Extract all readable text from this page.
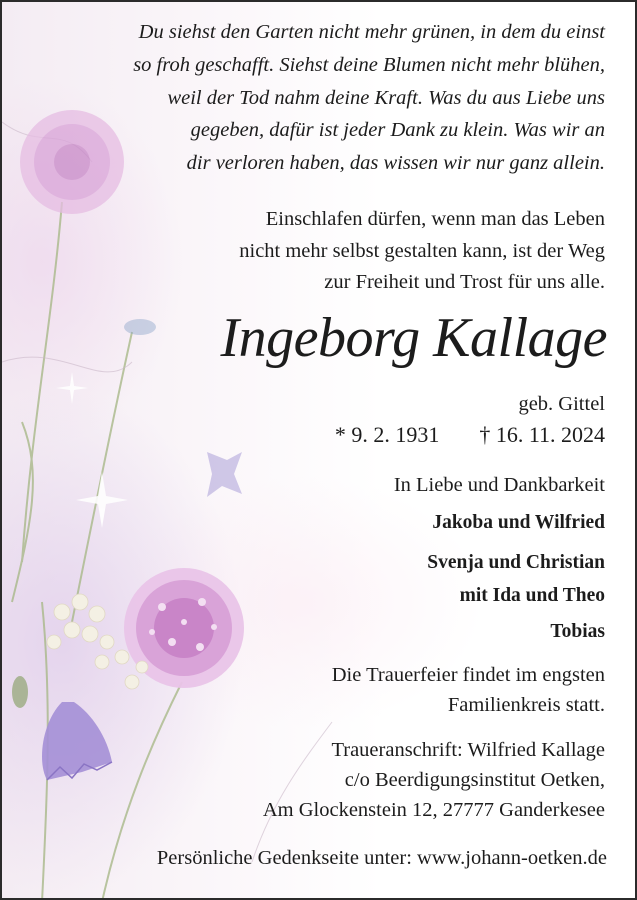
Du siehst den Garten nicht mehr grünen, in dem du einst
so froh geschafft. Siehst deine Blumen nicht mehr blühen,
weil der Tod nahm deine Kraft. Was du aus Liebe uns
gegeben, dafür ist jeder Dank zu klein. Was wir an
dir verloren haben, das wissen wir nur ganz allein.
Einschlafen dürfen, wenn man das Leben
nicht mehr selbst gestalten kann, ist der Weg
zur Freiheit und Trost für uns alle.
Ingeborg Kallage
geb. Gittel
* 9. 2. 1931 † 16. 11. 2024
In Liebe und Dankbarkeit
Jakoba und Wilfried
Svenja und Christian
mit Ida und Theo
Tobias
Die Trauerfeier findet im engsten
Familienkreis statt.
Traueranschrift: Wilfried Kallage
c/o Beerdigungsinstitut Oetken,
Am Glockenstein 12, 27777 Ganderkesee
Persönliche Gedenkseite unter: www.johann-oetken.de
